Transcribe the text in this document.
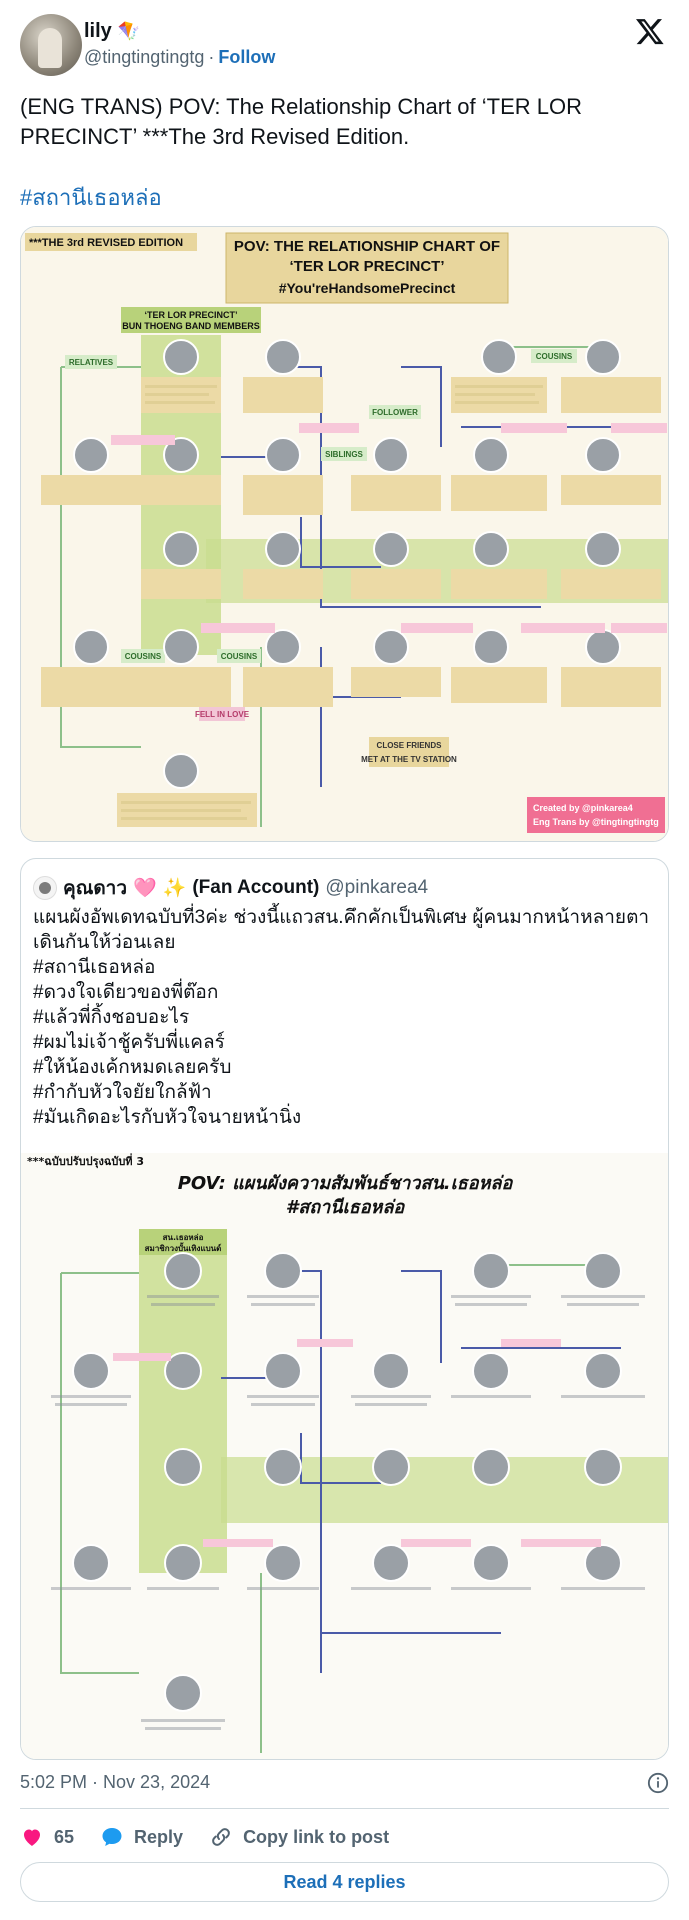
lily 🪁
@tingtingtingtg · Follow
(ENG TRANS) POV: The Relationship Chart of ‘TER LOR PRECINCT’ ***The 3rd Revised Edition.
#สถานีเธอหล่อ
POV: THE RELATIONSHIP CHART OF
‘TER LOR PRECINCT’
#You'reHandsomePrecinct
***THE 3rd REVISED EDITION
‘TER LOR PRECINCT’
BUN THOENG BAND MEMBERS
RELATIVES
COUSINS
FOLLOWER
SIBLINGS
COUSINS	COUSINS
CLOSE FRIENDS
MET AT THE TV STATION
FELL IN LOVE
Created by @pinkarea4
Eng Trans by @tingtingtingtg
คุณดาว 🩷 ✨ (Fan Account) @pinkarea4
แผนผังอัพเดทฉบับที่3ค่ะ ช่วงนี้แถวสน.คึกคักเป็นพิเศษ ผู้คนมากหน้าหลายตา
เดินกันให้ว่อนเลย
#สถานีเธอหล่อ
#ดวงใจเดียวของพี่ต๊อก
#แล้วพี่กิ้งชอบอะไร
#ผมไม่เจ้าชู้ครับพี่แคลร์
#ให้น้องเค้กหมดเลยครับ
#กำกับหัวใจยัยใกล้ฟ้า
#มันเกิดอะไรกับหัวใจนายหน้านิ่ง
***ฉบับปรับปรุงฉบับที่ 3
POV: แผนผังความสัมพันธ์ชาวสน.เธอหล่อ
#สถานีเธอหล่อ
สน.เธอหล่อ
สมาชิกวงบั้นเทิงแบนด์
5:02 PM · Nov 23, 2024
65	Reply	Copy link to post
Read 4 replies
